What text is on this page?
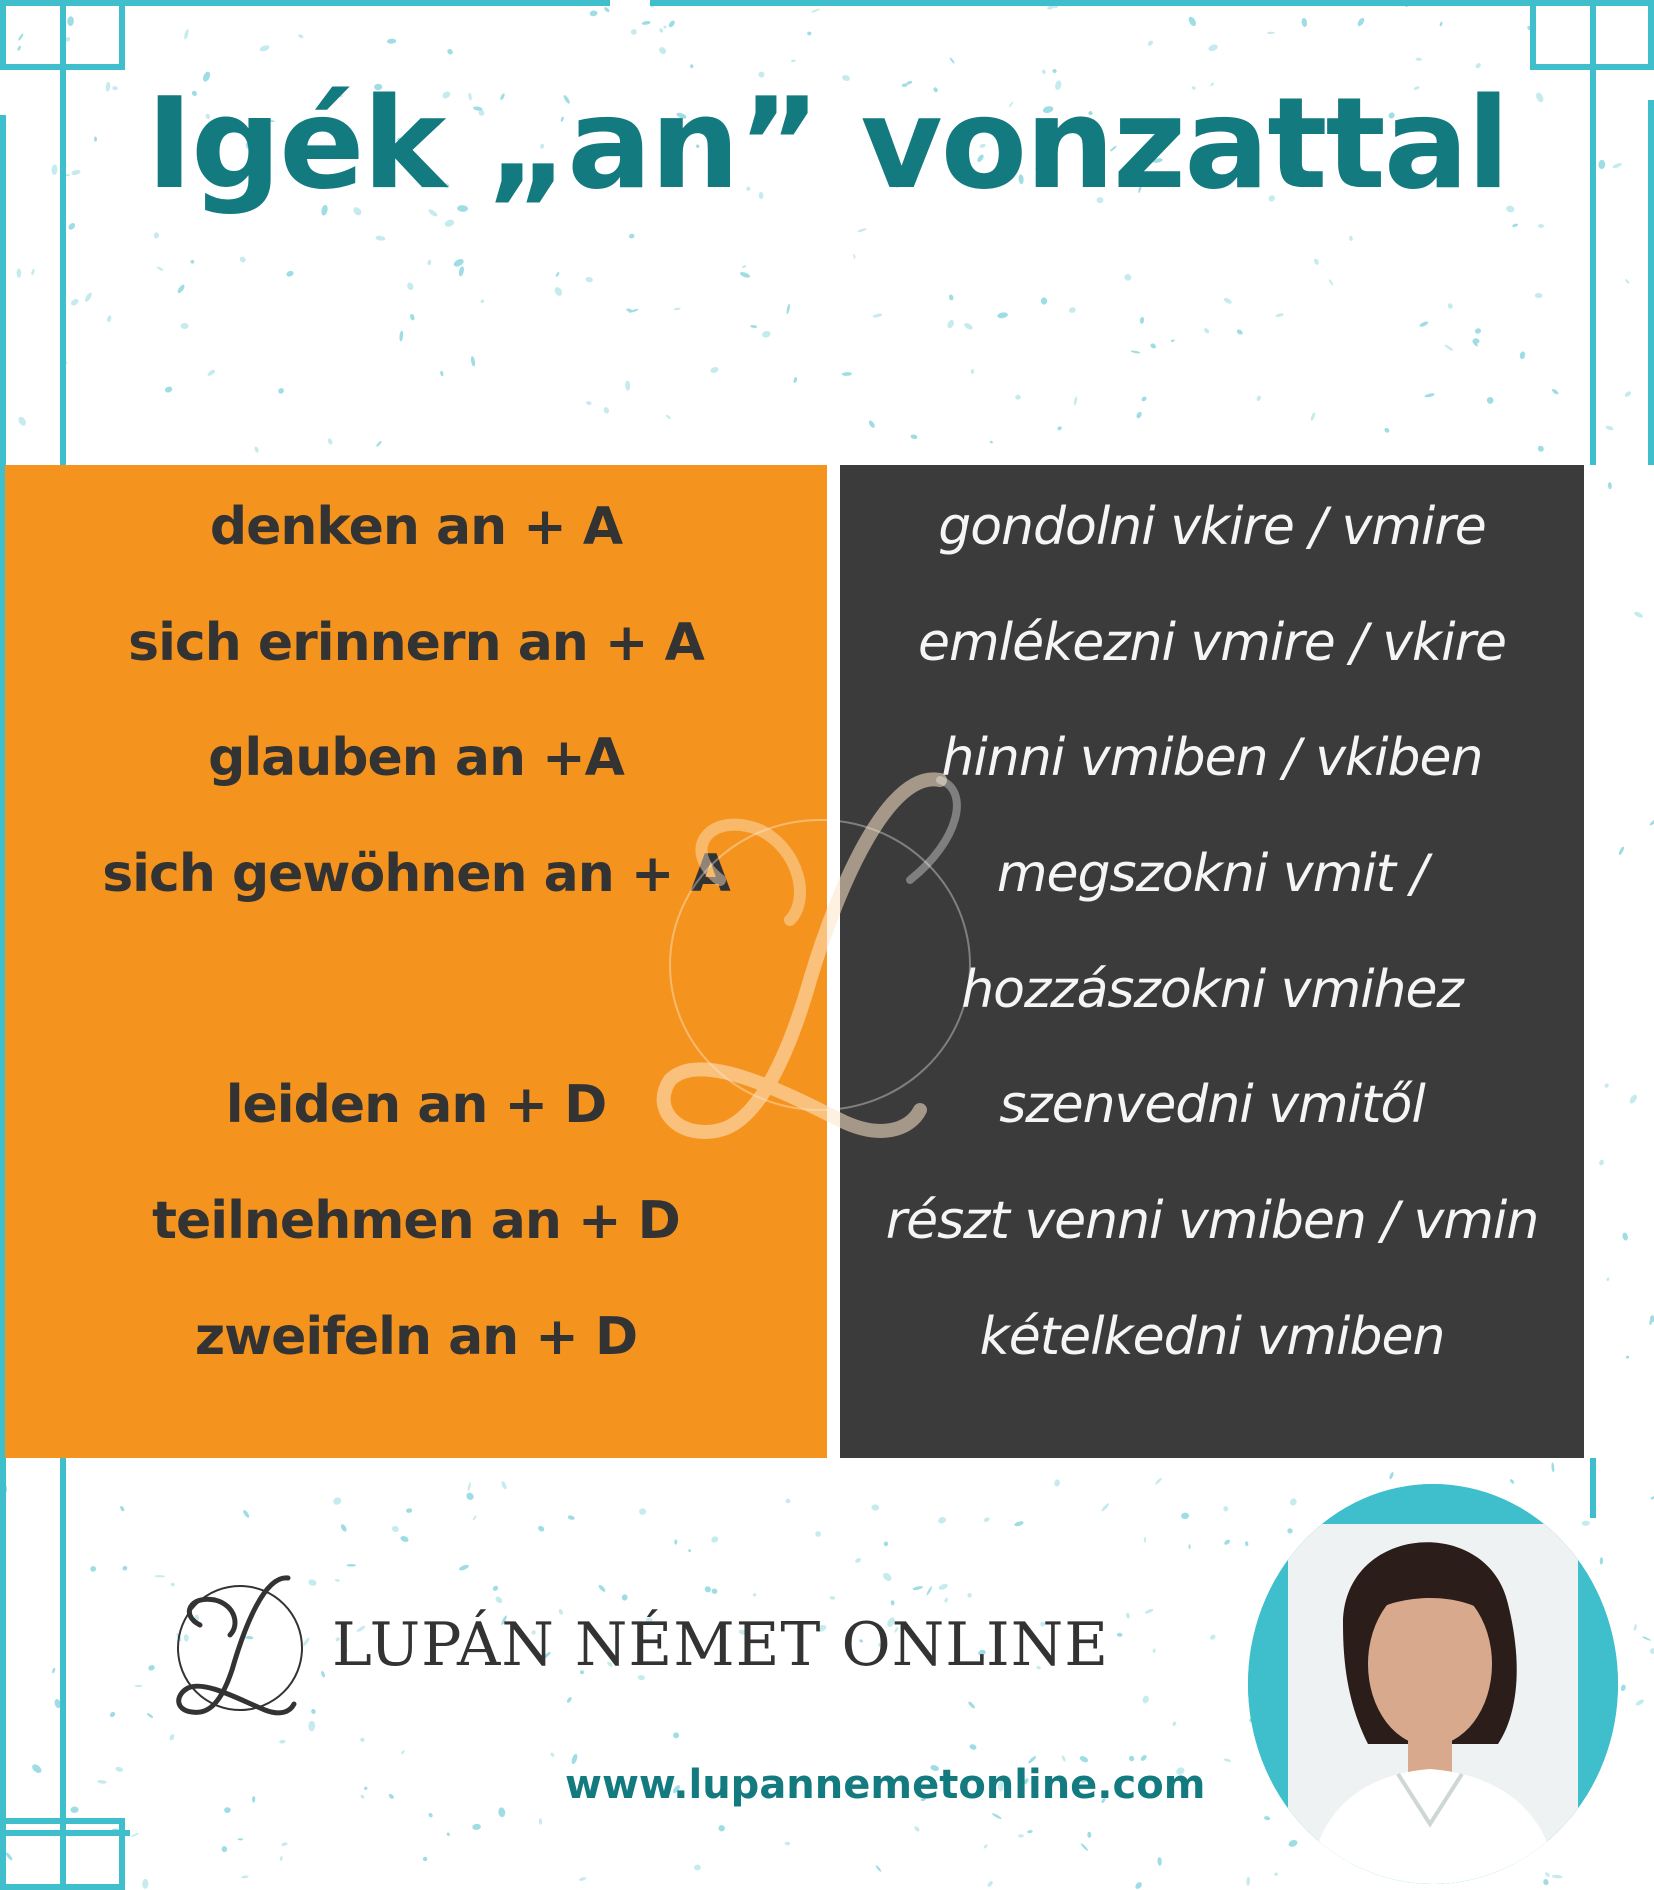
Igék „an” vonzattal
denken an + A
sich erinnern an + A
glauben an +A
sich gewöhnen an + A
leiden an + D
teilnehmen an + D
zweifeln an + D
gondolni vkire / vmire
emlékezni vmire / vkire
hinni vmiben / vkiben
megszokni vmit /
hozzászokni vmihez
szenvedni vmitől
részt venni vmiben / vmin
kételkedni vmiben
LUPÁN NÉMET ONLINE
www.lupannemetonline.com
